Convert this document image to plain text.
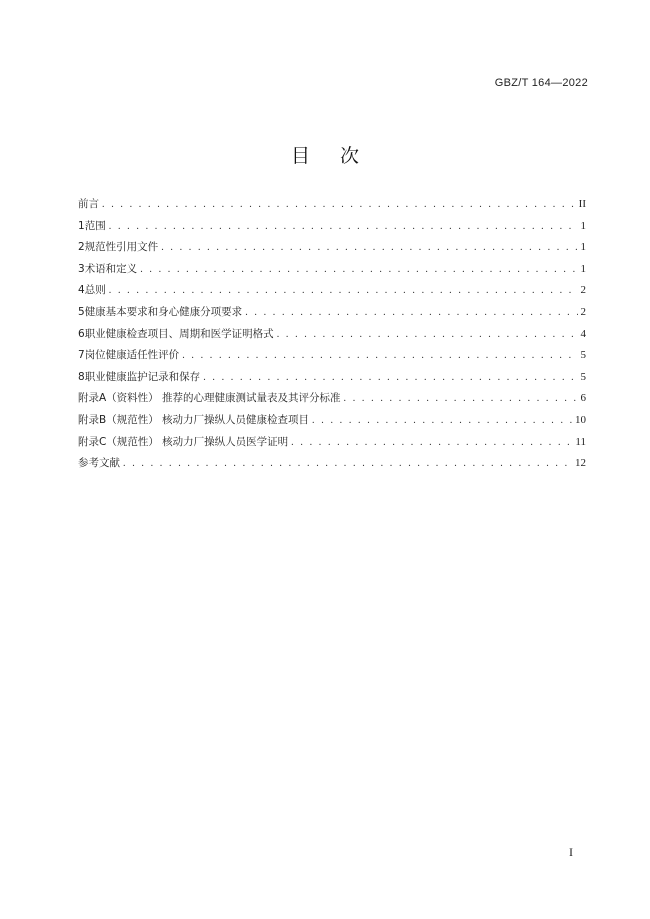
GBZ/T 164—2022
目次
前言 . . .	II
1 范围 . . .	1
2 规范性引用文件 . . .	1
3 术语和定义 . . .	1
4 总则 . . .	2
5 健康基本要求和身心健康分项要求 . . .	2
6 职业健康检查项目、周期和医学证明格式 . . .	4
7 岗位健康适任性评价 . . .	5
8 职业健康监护记录和保存 . . .	5
附录A（资料性） 推荐的心理健康测试量表及其评分标准 . . .	6
附录B（规范性） 核动力厂操纵人员健康检查项目 . . .	10
附录C（规范性） 核动力厂操纵人员医学证明 . . .	11
参考文献 . . .	12
I
